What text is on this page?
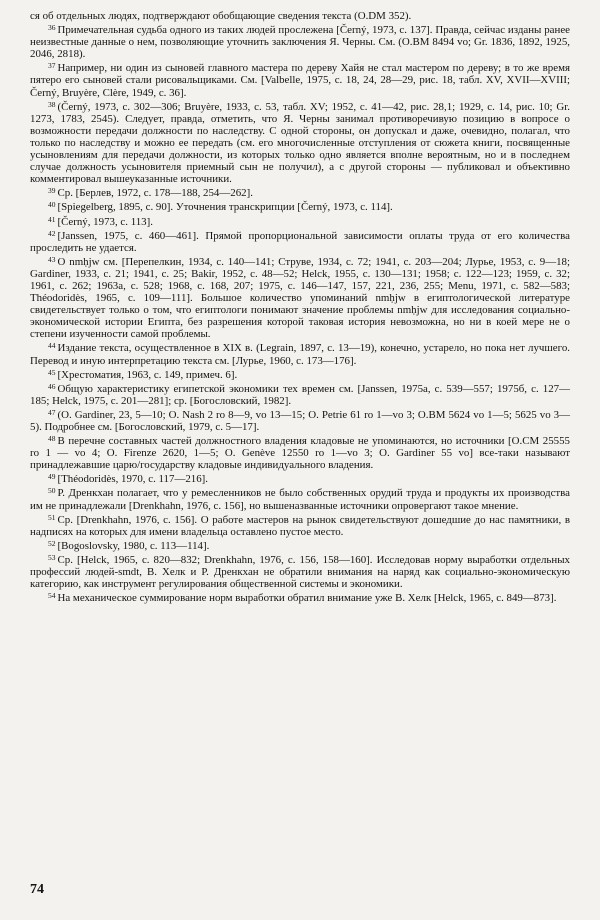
ся об отдельных людях, подтверждают обобщающие сведения текста (O.DM 352).

$^{36}$ Примечательная судьба одного из таких людей прослежена [Černý, 1973, с. 137]. Правда, сейчас изданы ранее неизвестные данные о нем, позволяющие уточнить заключения Я. Черны. См. (O.BM 8494 vo; Gr. 1836, 1892, 1925, 2046, 2818).

$^{37}$ Например, ни один из сыновей главного мастера по дереву Хайя не стал мастером по дереву; в то же время пятеро его сыновей стали рисовальщиками. См. [Valbelle, 1975, с. 18, 24, 28—29, рис. 18, табл. XV, XVII—XVIII; Černý, Bruyère, Clère, 1949, с. 36].

$^{38}$ (Černý, 1973, с. 302—306; Bruyère, 1933, с. 53, табл. XV; 1952, с. 41—42, рис. 28,1; 1929, с. 14, рис. 10; Gr. 1273, 1783, 2545). Следует, правда, отметить, что Я. Черны занимал противоречивую позицию в вопросе о возможности передачи должности по наследству. С одной стороны, он допускал и даже, очевидно, полагал, что только по наследству и можно ее передать (см. его многочисленные отступления от сюжета книги, посвященные усыновлениям для передачи должности, из которых только одно является вполне вероятным, но и в последнем случае должность усыновителя приемный сын не получил), а с другой стороны — публиковал и объективно комментировал вышеуказанные источники.

$^{39}$ Ср. [Берлев, 1972, с. 178—188, 254—262].

$^{40}$ [Spiegelberg, 1895, с. 90]. Уточнения транскрипции [Černý, 1973, с. 114].

$^{41}$ [Černý, 1973, с. 113].

$^{42}$ [Janssen, 1975, с. 460—461]. Прямой пропорциональной зависимости оплаты труда от его количества проследить не удается.

$^{43}$ О nmḥjw см. [Перепелкин, 1934, с. 140—141; Струве, 1934, с. 72; 1941, с. 203—204; Лурье, 1953, с. 9—18; Gardiner, 1933, с. 21; 1941, с. 25; Bakir, 1952, с. 48—52; Helck, 1955, с. 130—131; 1958; с. 122—123; 1959, с. 32; 1961, с. 262; 1963a, с. 528; 1968, с. 168, 207; 1975, с. 146—147, 157, 221, 236, 255; Menu, 1971, с. 582—583; Théodoridès, 1965, с. 109—111]. Большое количество упоминаний nmḥjw в египтологической литературе свидетельствует только о том, что египтологи понимают значение проблемы nmḥjw для исследования социально-экономической истории Египта, без разрешения которой таковая история невозможна, но ни в коей мере не о степени изученности самой проблемы.

$^{44}$ Издание текста, осуществленное в XIX в. (Legrain, 1897, с. 13—19), конечно, устарело, но пока нет лучшего. Перевод и иную интерпретацию текста см. [Лурье, 1960, с. 173—176].

$^{45}$ [Хрестоматия, 1963, с. 149, примеч. 6].

$^{46}$ Общую характеристику египетской экономики тех времен см. [Janssen, 1975a, с. 539—557; 1975б, с. 127—185; Helck, 1975, с. 201—281]; ср. [Богословский, 1982].

$^{47}$ (O. Gardiner, 23, 5—10; O. Nash 2 ro 8—9, vo 13—15; O. Petrie 61 ro 1—vo 3; O.BM 5624 vo 1—5; 5625 vo 3—5). Подробнее см. [Богословский, 1979, с. 5—17].

$^{48}$ В перечне составных частей должностного владения кладовые не упоминаются, но источники [O.CM 25555 ro 1 — vo 4; O. Firenze 2620, 1—5; O. Genève 12550 ro 1—vo 3; O. Gardiner 55 vo] все-таки называют принадлежавшие царю/государству кладовые индивидуального владения.

$^{49}$ [Théodoridès, 1970, с. 117—216].

$^{50}$ Р. Дренкхан полагает, что у ремесленников не было собственных орудий труда и продукты их производства им не принадлежали [Drenkhahn, 1976, с. 156], но вышеназванные источники опровергают такое мнение.

$^{51}$ Ср. [Drenkhahn, 1976, с. 156]. О работе мастеров на рынок свидетельствуют дошедшие до нас памятники, в надписях на которых для имени владельца оставлено пустое место.

$^{52}$ [Bogoslovsky, 1980, с. 113—114].

$^{53}$ Ср. [Helck, 1965, с. 820—832; Drenkhahn, 1976, с. 156, 158—160]. Исследовав норму выработки отдельных профессий людей-smdt, В. Хелк и Р. Дренкхан не обратили внимания на наряд как социально-экономическую категорию, как инструмент регулирования общественной системы и экономики.

$^{54}$ На механическое суммирование норм выработки обратил внимание уже В. Хелк [Helck, 1965, с. 849—873].

74
